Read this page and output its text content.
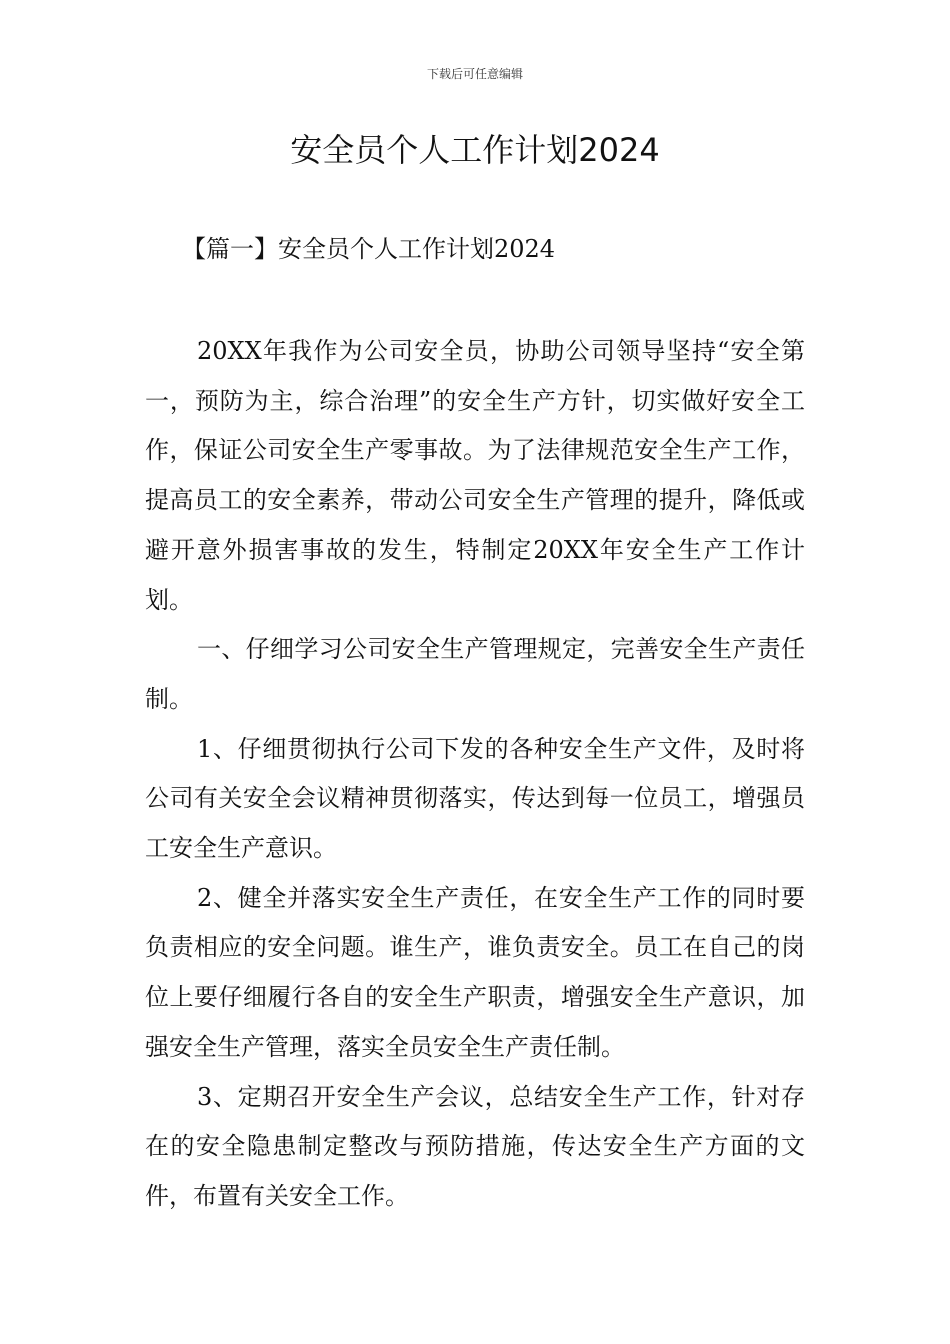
下载后可任意编辑
安全员个人工作计划2024
【篇一】安全员个人工作计划2024

20XX年我作为公司安全员，协助公司领导坚持“安全第一，预防为主，综合治理”的安全生产方针，切实做好安全工作，保证公司安全生产零事故。为了法律规范安全生产工作，提高员工的安全素养，带动公司安全生产管理的提升，降低或避开意外损害事故的发生，特制定20XX年安全生产工作计划。

一、仔细学习公司安全生产管理规定，完善安全生产责任制。

1、仔细贯彻执行公司下发的各种安全生产文件，及时将公司有关安全会议精神贯彻落实，传达到每一位员工，增强员工安全生产意识。

2、健全并落实安全生产责任，在安全生产工作的同时要负责相应的安全问题。谁生产，谁负责安全。员工在自己的岗位上要仔细履行各自的安全生产职责，增强安全生产意识，加强安全生产管理，落实全员安全生产责任制。

3、定期召开安全生产会议，总结安全生产工作，针对存在的安全隐患制定整改与预防措施，传达安全生产方面的文件，布置有关安全工作。
